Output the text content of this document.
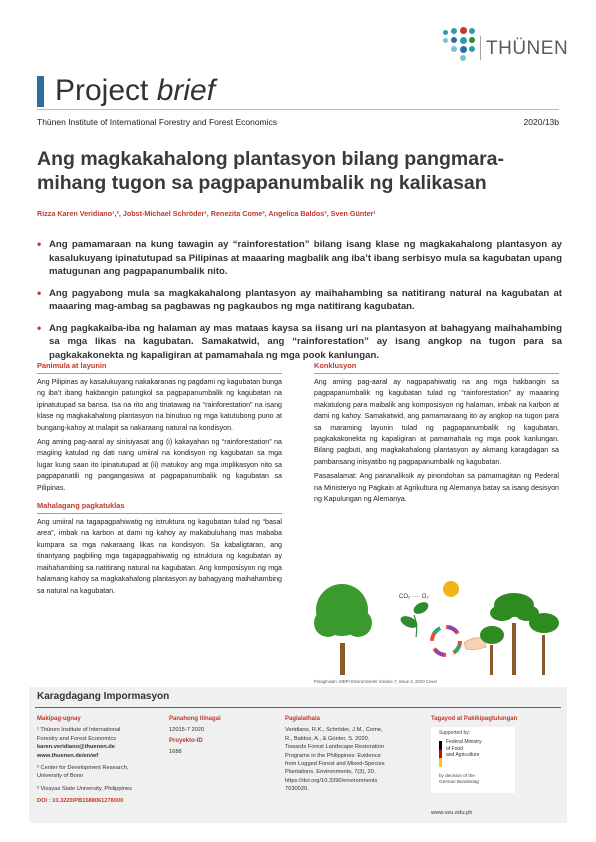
THÜNEN
Project brief
Thünen Institute of International Forestry and Forest Economics	2020/13b
Ang magkakahalong plantasyon bilang pangmara-
mihang tugon sa pagpapanumbalik ng kalikasan
Rizza Karen Veridiano¹,², Jobst-Michael Schröder¹, Renezita Come³, Angelica Baldos³, Sven Günter¹
• Ang pamamaraan na kung tawagin ay “rainforestation” bilang isang klase ng magkakahalong plantasyon ay kasalukuyang ipinatutupad sa Pilipinas at maaaring magbalik ang iba’t ibang serbisyo mula sa kagubatan upang matugunan ang pagpapanumbalik nito.
• Ang pagyabong mula sa magkakahalong plantasyon ay maihahambing sa natitirang natural na kagubatan at maaaring mag-ambag sa pagbawas ng pagkaubos ng mga natitirang kagubatan.
• Ang pagkakaiba-iba ng halaman ay mas mataas kaysa sa iisang uri na plantasyon at bahagyang maihahambing sa mga likas na kagubatan. Samakatwid, ang “rainforestation” ay isang angkop na tugon para sa pagkakakonekta ng kapaligiran at pamamahala ng mga pook kanlungan.
Panimula at layunin

Ang Pilipinas ay kasalukuyang nakakaranas ng pagdami ng kagubatan bunga ng iba’t ibang hakbangin patungkol sa pagpapanumbalik ng kagubatan na ipinatutupad sa bansa. Isa na rito ang tinatawag na “rainforestation” na isang klase ng magkakahalong plantasyon na binubuo ng mga katutubong puno at bungang-kahoy at malapit sa nakaraang natural na kondisyon.

Ang aming pag-aaral ay sinisiyasat ang (i) kakayahan ng “rainforestation” na magiing katulad ng dati nang umiiral na kondisyon ng kagubatan sa mga lugar kung saan ito ipinatutupad at (ii) matukoy ang mga implikasyon nito sa pagpapanatili ng pangangasiwa at pagpapanumbalik ng kagubatan sa Pilipinas.

Mahalagang pagkatuklas

Ang umiiral na tagapagpahiwatig ng istruktura ng kagubatan tulad ng “basal area”, imbak na karbon at dami ng kahoy ay makabuluhang mas mababa kumpara sa mga nakaraang likas na kondisyon. Sa kabaligtaran, ang tinantyang pagbiling mga tagapagpahiwatig ng istruktura ng kagubatan ay maihahambing sa natitirang natural na kagubatan. Ang komposisyon ng mga halamang kahoy sa magkakahalong plantasyon ay bahagyang maihahambing sa natural na kagubatan.

Konklusyon

Ang aming pag-aaral ay nagpapahiwatig na ang mga hakbangin sa pagpapanumbalik ng kagubatan tulad ng “rainforestation” ay maaaring makatulong para maibalik ang komposisyon ng halaman, imbak na karbon at dami ng kahoy. Samakatwid, ang pamamaraang ito ay angkop na tugon para sa maraming layunin tulad ng pagpapanumbalik ng kagubatan, pagkakakonekta ng kapaligiran at pamamahala ng mga pook kanlungan. Bilang pagbuti, ang magkakahalong plantasyon ay akmang karagdagan sa pambansang inisyatibo ng pagpapanumbalik ng kagubatan.

Pasasalamat: Ang pananaliksik ay pinondohan sa pamamagitan ng Pederal na Ministeryo ng Pagkain at Agrikultura ng Alemanya batay sa isang desisyon ng Kapulungan ng Alemanya.

CO₂ ···· O₂
Pinagmulan: MDPI Environments Volume 7, Issue 3, 2020 Cover
Karagdagang Impormasyon
Makipag-ugnay
¹ Thünen Institute of International
Forestry and Forest Economics
karen.veridiano@thuenen.de
www.thuenen.de/en/wf
² Center for Development Research,
University of Bonn
³ Visayas State University, Philippines
DOI : 10.3220/PB1588061278000
Panahong itinagal
12015-7 2020
Proyekto-ID
1688
Paglalathala
Veridiano, R.K., Schröder, J.M., Come,
R., Baldos, A., & Günter, S. 2020.
Towards Forest Landscape Restoration
Programs in the Philippines: Evidence
from Logged Forest and Mixed-Species
Plantations. Environments, 7(3), 20.
https://doi.org/10.3390/environments
7030020.
Tagayod at Pakikipagtulungan
Supported by:
Federal Ministry
of Food
and Agriculture
by decision of the
German Bundestag
www.vsu.edu.ph
